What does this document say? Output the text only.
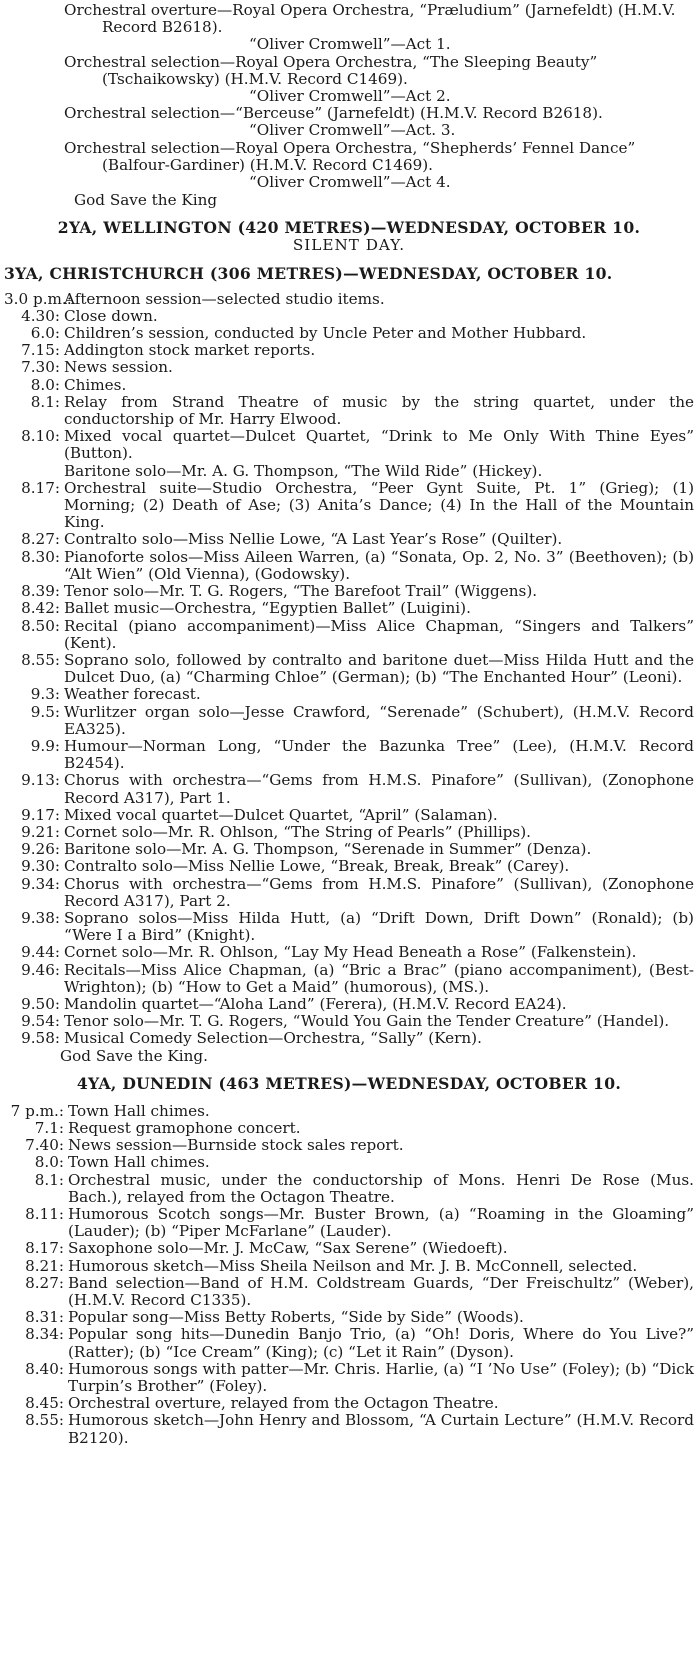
Orchestral overture—Royal Opera Orchestra, “Præludium” (Jarnefeldt) (H.M.V. Record B2618).
“Oliver Cromwell”—Act 1.
Orchestral selection—Royal Opera Orchestra, “The Sleeping Beauty” (Tschaikowsky) (H.M.V. Record C1469).
“Oliver Cromwell”—Act 2.
Orchestral selection—“Berceuse” (Jarnefeldt) (H.M.V. Record B2618).
“Oliver Cromwell”—Act. 3.
Orchestral selection—Royal Opera Orchestra, “Shepherds’ Fennel Dance” (Balfour-Gardiner) (H.M.V. Record C1469).
“Oliver Cromwell”—Act 4.
God Save the King
2YA, WELLINGTON (420 METRES)—WEDNESDAY, OCTOBER 10.
SILENT DAY.
3YA, CHRISTCHURCH (306 METRES)—WEDNESDAY, OCTOBER 10.
3.0 p.m.:
Afternoon session—selected studio items.
4.30: Close down.
6.0: Children’s session, conducted by Uncle Peter and Mother Hubbard.
7.15: Addington stock market reports.
7.30: News session.
8.0: Chimes.
8.1: Relay from Strand Theatre of music by the string quartet, under the conductorship of Mr. Harry Elwood.
8.10: Mixed vocal quartet—Dulcet Quartet, “Drink to Me Only With Thine Eyes” (Button).
Baritone solo—Mr. A. G. Thompson, “The Wild Ride” (Hickey).
8.17: Orchestral suite—Studio Orchestra, “Peer Gynt Suite, Pt. 1” (Grieg); (1) Morning; (2) Death of Ase; (3) Anita’s Dance; (4) In the Hall of the Mountain King.
8.27: Contralto solo—Miss Nellie Lowe, “A Last Year’s Rose” (Quilter).
8.30: Pianoforte solos—Miss Aileen Warren, (a) “Sonata, Op. 2, No. 3” (Beethoven); (b) “Alt Wien” (Old Vienna), (Godowsky).
8.39: Tenor solo—Mr. T. G. Rogers, “The Barefoot Trail” (Wiggens).
8.42: Ballet music—Orchestra, “Egyptien Ballet” (Luigini).
8.50: Recital (piano accompaniment)—Miss Alice Chapman, “Singers and Talkers” (Kent).
8.55: Soprano solo, followed by contralto and baritone duet—Miss Hilda Hutt and the Dulcet Duo, (a) “Charming Chloe” (German); (b) “The Enchanted Hour” (Leoni).
9.3: Weather forecast.
9.5: Wurlitzer organ solo—Jesse Crawford, “Serenade” (Schubert), (H.M.V. Record EA325).
9.9: Humour—Norman Long, “Under the Bazunka Tree” (Lee), (H.M.V. Record B2454).
9.13: Chorus with orchestra—“Gems from H.M.S. Pinafore” (Sullivan), (Zonophone Record A317), Part 1.
9.17: Mixed vocal quartet—Dulcet Quartet, “April” (Salaman).
9.21: Cornet solo—Mr. R. Ohlson, “The String of Pearls” (Phillips).
9.26: Baritone solo—Mr. A. G. Thompson, “Serenade in Summer” (Denza).
9.30: Contralto solo—Miss Nellie Lowe, “Break, Break, Break” (Carey).
9.34: Chorus with orchestra—“Gems from H.M.S. Pinafore” (Sullivan), (Zonophone Record A317), Part 2.
9.38: Soprano solos—Miss Hilda Hutt, (a) “Drift Down, Drift Down” (Ronald); (b) “Were I a Bird” (Knight).
9.44: Cornet solo—Mr. R. Ohlson, “Lay My Head Beneath a Rose” (Falkenstein).
9.46: Recitals—Miss Alice Chapman, (a) “Bric a Brac” (piano accompaniment), (Best-Wrighton); (b) “How to Get a Maid” (humorous), (MS.).
9.50: Mandolin quartet—“Aloha Land” (Ferera), (H.M.V. Record EA24).
9.54: Tenor solo—Mr. T. G. Rogers, “Would You Gain the Tender Creature” (Handel).
9.58: Musical Comedy Selection—Orchestra, “Sally” (Kern).
God Save the King.
4YA, DUNEDIN (463 METRES)—WEDNESDAY, OCTOBER 10.
7 p.m.: Town Hall chimes.
7.1: Request gramophone concert.
7.40: News session—Burnside stock sales report.
8.0: Town Hall chimes.
8.1: Orchestral music, under the conductorship of Mons. Henri De Rose (Mus. Bach.), relayed from the Octagon Theatre.
8.11: Humorous Scotch songs—Mr. Buster Brown, (a) “Roaming in the Gloaming” (Lauder); (b) “Piper McFarlane” (Lauder).
8.17: Saxophone solo—Mr. J. McCaw, “Sax Serene” (Wiedoeft).
8.21: Humorous sketch—Miss Sheila Neilson and Mr. J. B. McConnell, selected.
8.27: Band selection—Band of H.M. Coldstream Guards, “Der Freischultz” (Weber), (H.M.V. Record C1335).
8.31: Popular song—Miss Betty Roberts, “Side by Side” (Woods).
8.34: Popular song hits—Dunedin Banjo Trio, (a) “Oh! Doris, Where do You Live?” (Ratter); (b) “Ice Cream” (King); (c) “Let it Rain” (Dyson).
8.40: Humorous songs with patter—Mr. Chris. Harlie, (a) “I ’No Use” (Foley); (b) “Dick Turpin’s Brother” (Foley).
8.45: Orchestral overture, relayed from the Octagon Theatre.
8.55: Humorous sketch—John Henry and Blossom, “A Curtain Lecture” (H.M.V. Record B2120).
